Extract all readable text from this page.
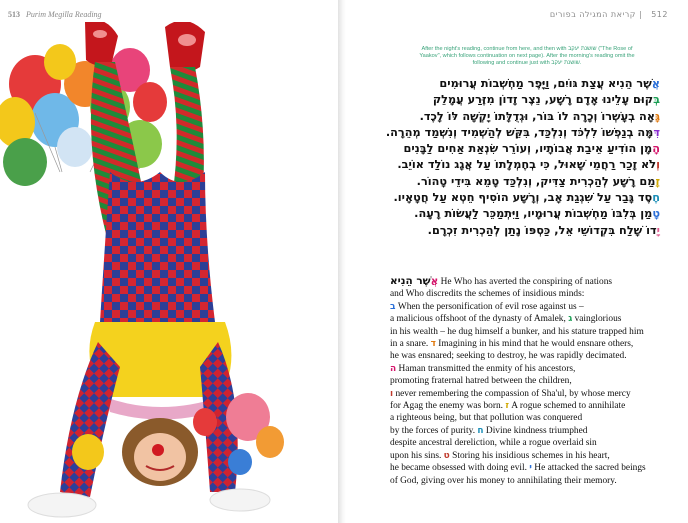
513 Purim Megilla Reading	512 | קריאת המגילה בפורים
After the night's reading, continue from here, and then with שושנת יעקב ("The Rose of Yaakov", which follows continuation on next page). After the morning's reading omit the following and continue just with שושנת יעקב.
אֲשֶׁר הֵנִיא עֲצַת גּוֹיִם, וַיָּפֶר מַחְשְׁבוֹת עֲרוּמִים
בְּקוּם עָלֵינוּ אָדָם רָשָׁע, נֵצֶר זָדוֹן מִזֶּרַע עֲמָלֵק
גָּּאָה בְעָשְׁרוֹ וְכָרָה לוֹ בּוֹר, וּגְדֻלָּתוֹ יָקְשָׁה לּוֹ לָכֶד.
דִּמָּה בְנַפְשׁוֹ לִלְכֹּד וְנִלְכַּד, בִּקֵּשׁ לְהַשְׁמִיד וְנִשְׁמַד מְהֵרָה.
הָמָן הוֹדִיעַ אֵיבַת אֲבוֹתָיו, וְעוֹרֵר שִׂנְאַת אַחִים לַבָּנִים
וְלֹא זָכַר רַחֲמֵי שָׁאוּל, כִּי בְחֶמְלָתוֹ עַל אֲגָג נוֹלַד אוֹיֵב.
זָמַם רָשָׁע לְהַכְרִית צַדִּיק, וְנִלְכַּד טָמֵא בִּידֵי טָהוֹר.
חֶסֶד גָּבַר עַל שִׁגְגַת אָב, וְרָשָׁע הוֹסִיף חֵטְא עַל חֲטָאָיו.
טָמַן בְּלִבּוֹ מַחְשְׁבוֹת עֲרוּמָיו, וַיִּתְמַכֵּר לַעֲשׂוֹת רָעָה.
יָדוֹ שָׁלַח בִּקְדוֹשֵׁי אֵל, כַּסְפּוֹ נָתַן לְהַכְרִית זִכְרָם.
אֲשֶׁר הֵנִיא He Who has averted the conspiring of nations
and Who discredits the schemes of insidious minds:
ב When the personification of evil rose against us –
a malicious offshoot of the dynasty of Amalek, ג vainglorious
in his wealth – he dug himself a bunker, and his stature trapped him
in a snare. ד Imagining in his mind that he would ensnare others,
he was ensnared; seeking to destroy, he was rapidly decimated.
ה Haman transmitted the enmity of his ancestors,
promoting fraternal hatred between the children,
ו never remembering the compassion of Sha'ul, by whose mercy
for Agag the enemy was born. ז A rogue schemed to annihilate
a righteous being, but that pollution was conquered
by the forces of purity. ח Divine kindness triumphed
despite ancestral dereliction, while a rogue overlaid sin
upon his sins. ט Storing his insidious schemes in his heart,
he became obsessed with doing evil. י He attacked the sacred beings
of God, giving over his money to annihilating their memory.
